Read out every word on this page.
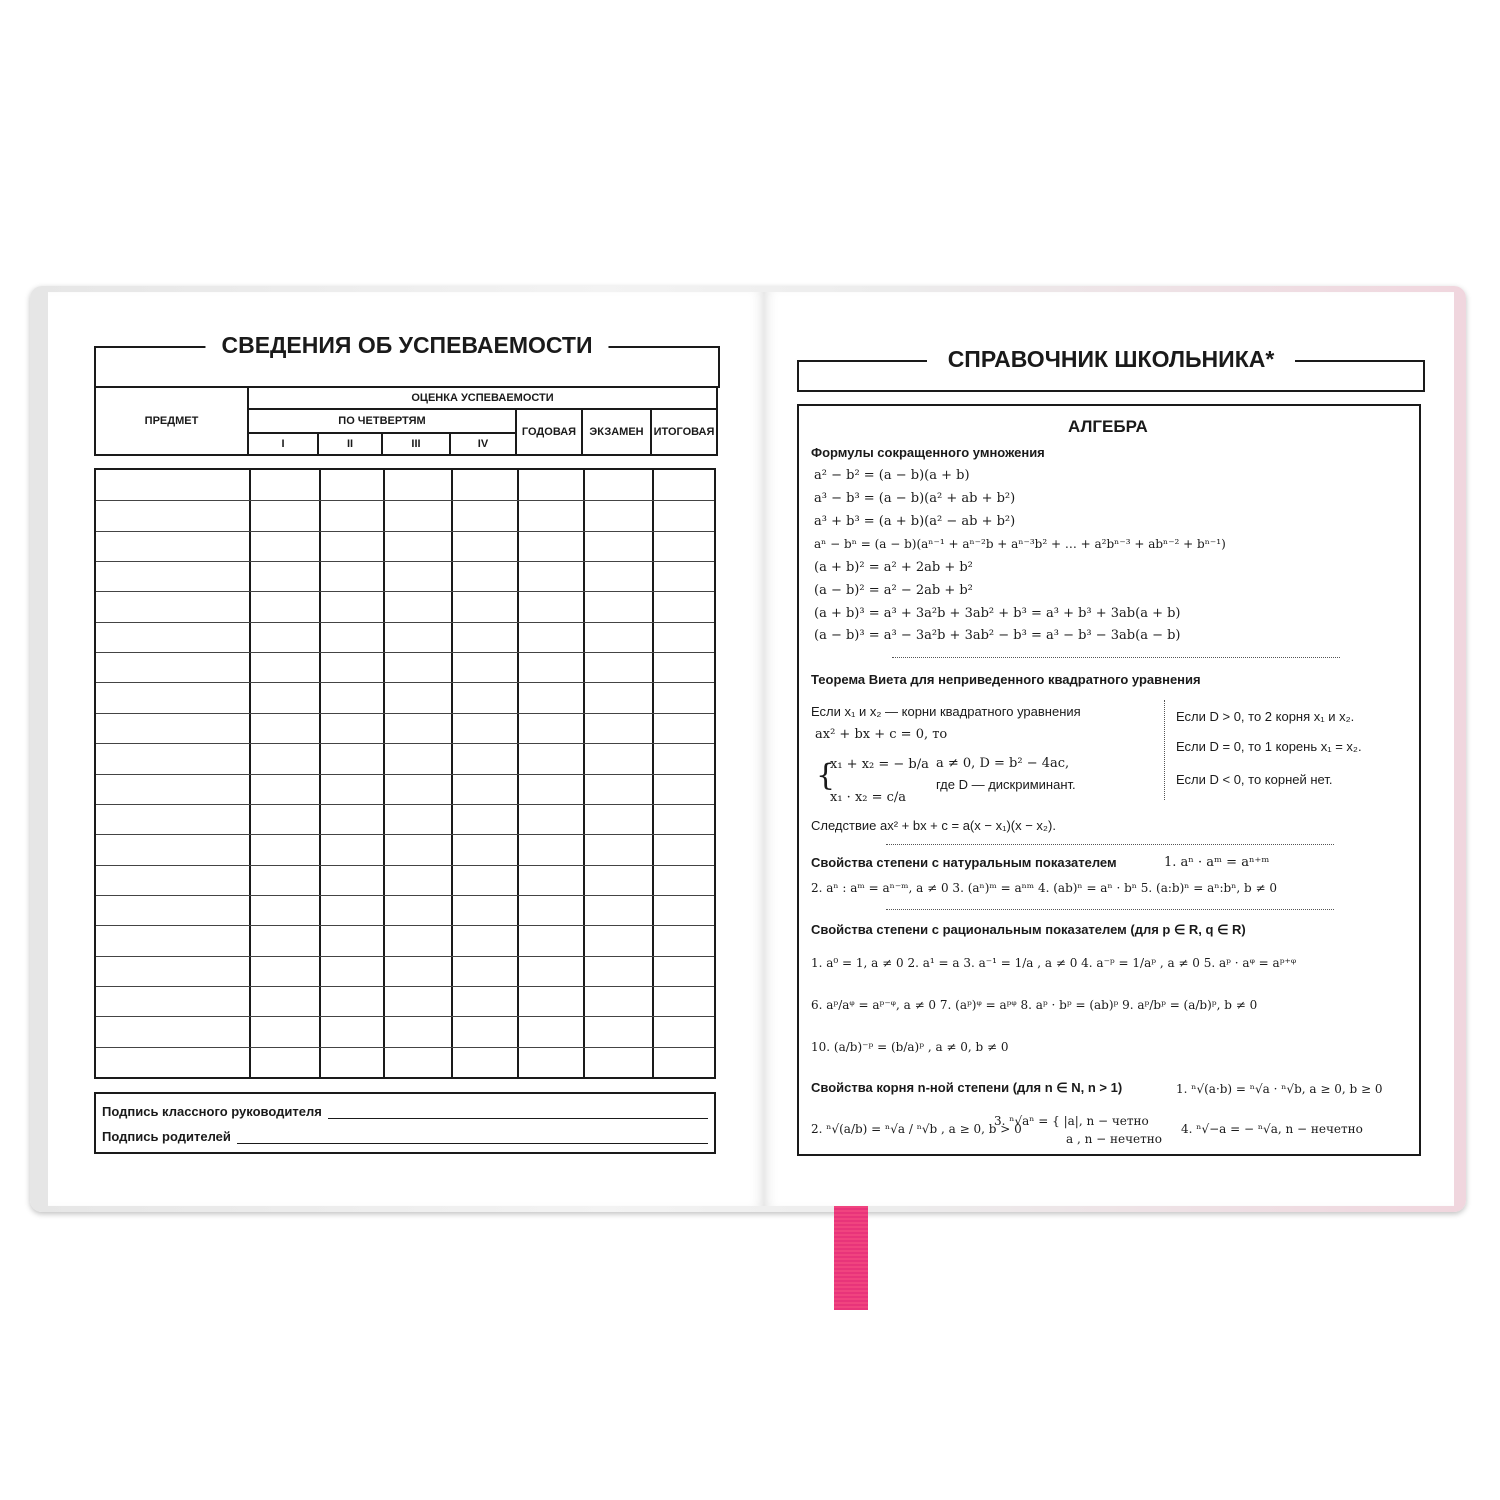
СВЕДЕНИЯ ОБ УСПЕВАЕМОСТИ
ПРЕДМЕТ	ОЦЕНКА УСПЕВАЕМОСТИ						
	ПО ЧЕТВЕРТЯМ				ГОДОВАЯ	ЭКЗАМЕН	ИТОГОВАЯ
	I	II	III	IV			
Подпись классного руководителя
Подпись родителей
СПРАВОЧНИК ШКОЛЬНИКА*
АЛГЕБРА
Формулы сокращенного умножения
a² − b² = (a − b)(a + b)
a³ − b³ = (a − b)(a² + ab + b²)
a³ + b³ = (a + b)(a² − ab + b²)
aⁿ − bⁿ = (a − b)(aⁿ⁻¹ + aⁿ⁻²b + aⁿ⁻³b² + … + a²bⁿ⁻³ + abⁿ⁻² + bⁿ⁻¹)
(a + b)² = a² + 2ab + b²
(a − b)² = a² − 2ab + b²
(a + b)³ = a³ + 3a²b + 3ab² + b³ = a³ + b³ + 3ab(a + b)
(a − b)³ = a³ − 3a²b + 3ab² − b³ = a³ − b³ − 3ab(a − b)
Теорема Виета для неприведенного квадратного уравнения
Если x₁ и x₂ — корни квадратного уравнения
ax² + bx + c = 0, то
{
x₁ + x₂ = − b/a
x₁ · x₂ = c/a
a ≠ 0, D = b² − 4ac,
где D — дискриминант.
Если D > 0, то 2 корня x₁ и x₂.
Если D = 0, то 1 корень x₁ = x₂.
Если D < 0, то корней нет.
Следствие ax² + bx + c = a(x − x₁)(x − x₂).
Свойства степени с натуральным показателем	1. aⁿ · aᵐ = aⁿ⁺ᵐ
2. aⁿ : aᵐ = aⁿ⁻ᵐ, a ≠ 0 3. (aⁿ)ᵐ = aⁿᵐ 4. (ab)ⁿ = aⁿ · bⁿ 5. (a:b)ⁿ = aⁿ:bⁿ, b ≠ 0
Свойства степени с рациональным показателем (для p ∈ R, q ∈ R)
1. a⁰ = 1, a ≠ 0 2. a¹ = a 3. a⁻¹ = 1/a , a ≠ 0 4. a⁻ᵖ = 1/aᵖ , a ≠ 0 5. aᵖ · aᵠ = aᵖ⁺ᵠ
6. aᵖ/aᵠ = aᵖ⁻ᵠ, a ≠ 0 7. (aᵖ)ᵠ = aᵖᵠ 8. aᵖ · bᵖ = (ab)ᵖ 9. aᵖ/bᵖ = (a/b)ᵖ, b ≠ 0
10. (a/b)⁻ᵖ = (b/a)ᵖ , a ≠ 0, b ≠ 0
Свойства корня n-ной степени (для n ∈ N, n > 1)	1. ⁿ√(a·b) = ⁿ√a · ⁿ√b, a ≥ 0, b ≥ 0
2. ⁿ√(a/b) = ⁿ√a / ⁿ√b , a ≥ 0, b > 0
3. ⁿ√aⁿ = { |a|, n − четно
a , n − нечетно
4. ⁿ√−a = − ⁿ√a, n − нечетно
